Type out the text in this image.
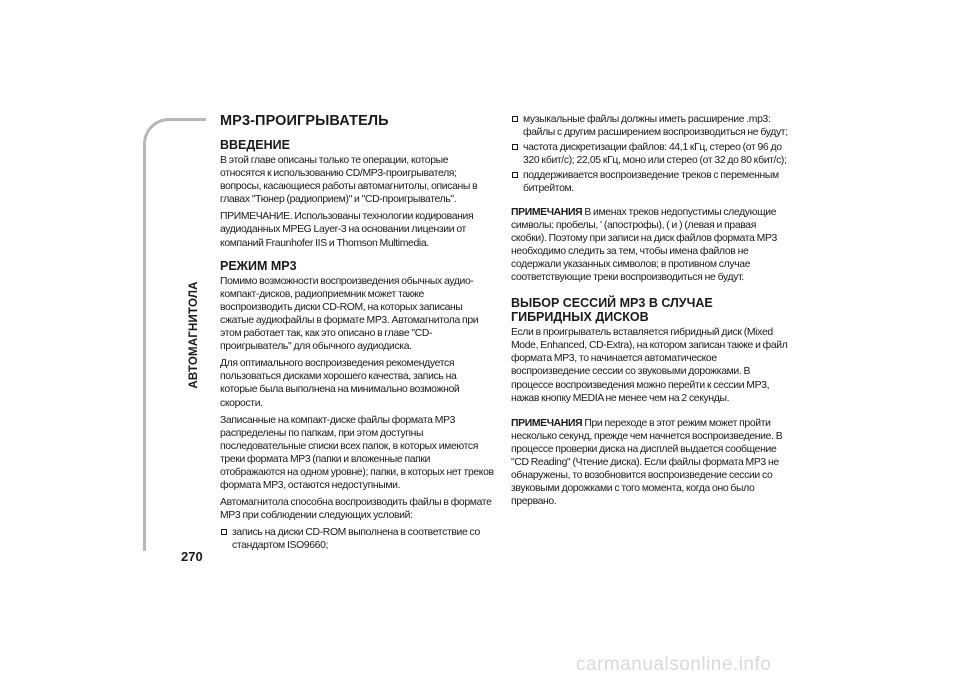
АВТОМАГНИТОЛА
270
MP3-ПРОИГРЫВАТЕЛЬ
ВВЕДЕНИЕ

В этой главе описаны только те операции, которые относятся к использованию CD/MP3-проигрывателя; вопросы, касающиеся работы автомагнитолы, описаны в главах "Тюнер (радиоприем)" и "CD-проигрыватель".

ПРИМЕЧАНИЕ. Использованы технологии кодирования аудиоданных MPEG Layer-3 на основании лицензии от компаний Fraunhofer IIS и Thomson Multimedia.

РЕЖИМ MP3

Помимо возможности воспроизведения обычных аудио-компакт-дисков, радиоприемник может также воспроизводить диски CD-ROM, на которых записаны сжатые аудиофайлы в формате MP3. Автомагнитола при этом работает так, как это описано в главе "CD-проигрыватель" для обычного аудиодиска.

Для оптимального воспроизведения рекомендуется пользоваться дисками хорошего качества, запись на которые была выполнена на минимально возможной скорости.

Записанные на компакт-диске файлы формата MP3 распределены по папкам, при этом доступны последовательные списки всех папок, в которых имеются треки формата MP3 (папки и вложенные папки отображаются на одном уровне); папки, в которых нет треков формата MP3, остаются недоступными.

Автомагнитола способна воспроизводить файлы в формате MP3 при соблюдении следующих условий:

запись на диски CD-ROM выполнена в соответствие со стандартом ISO9660;

музыкальные файлы должны иметь расширение .mp3: файлы с другим расширением воспроизводиться не будут;

частота дискретизации файлов: 44,1 кГц, стерео (от 96 до 320 кбит/с); 22,05 кГц, моно или стерео (от 32 до 80 кбит/с);

поддерживается воспроизведение треков с переменным битрейтом.

ПРИМЕЧАНИЯ В именах треков недопустимы следующие символы: пробелы, ' (апострофы), ( и ) (левая и правая скобки). Поэтому при записи на диск файлов формата MP3 необходимо следить за тем, чтобы имена файлов не содержали указанных символов; в противном случае соответствующие треки воспроизводиться не будут.

ВЫБОР СЕССИЙ MP3 В СЛУЧАЕ ГИБРИДНЫХ ДИСКОВ

Если в проигрыватель вставляется гибридный диск (Mixed Mode, Enhanced, CD-Extra), на котором записан также и файл формата MP3, то начинается автоматическое воспроизведение сессии со звуковыми дорожками. В процессе воспроизведения можно перейти к сессии MP3, нажав кнопку MEDIA не менее чем на 2 секунды.

ПРИМЕЧАНИЯ При переходе в этот режим может пройти несколько секунд, прежде чем начнется воспроизведение. В процессе проверки диска на дисплей выдается сообщение "CD Reading" (Чтение диска). Если файлы формата MP3 не обнаружены, то возобновится воспроизведение сессии со звуковыми дорожками с того момента, когда оно было прервано.

carmanualsonline.info
